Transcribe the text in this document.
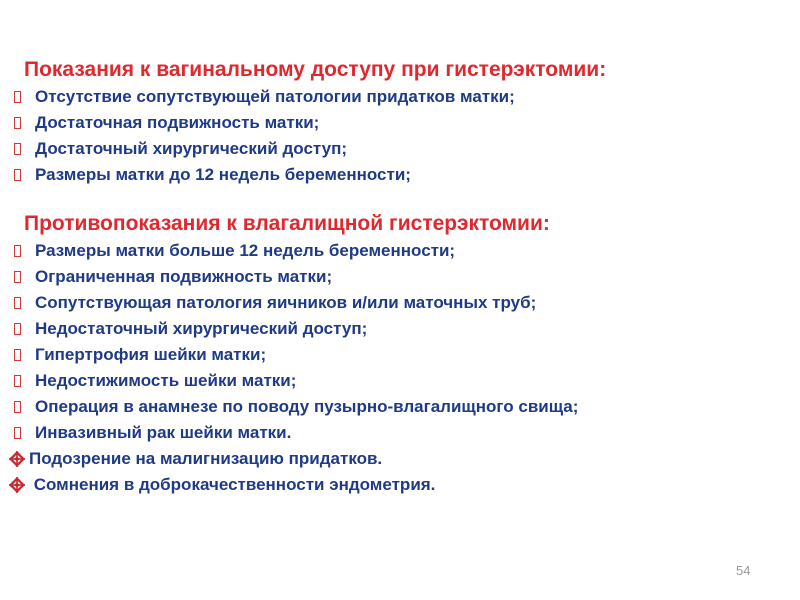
Показания к вагинальному доступу при гистерэктомии:
Отсутствие сопутствующей патологии придатков матки;
Достаточная подвижность матки;
Достаточный хирургический доступ;
Размеры матки до 12 недель беременности;
Противопоказания к влагалищной гистерэктомии:
Размеры матки больше 12 недель беременности;
Ограниченная подвижность матки;
Сопутствующая патология яичников и/или маточных труб;
Недостаточный хирургический доступ;
Гипертрофия шейки матки;
Недостижимость шейки матки;
Операция в анамнезе по поводу пузырно-влагалищного свища;
Инвазивный рак шейки матки.
Подозрение на малигнизацию придатков.
Сомнения в доброкачественности эндометрия.
54
